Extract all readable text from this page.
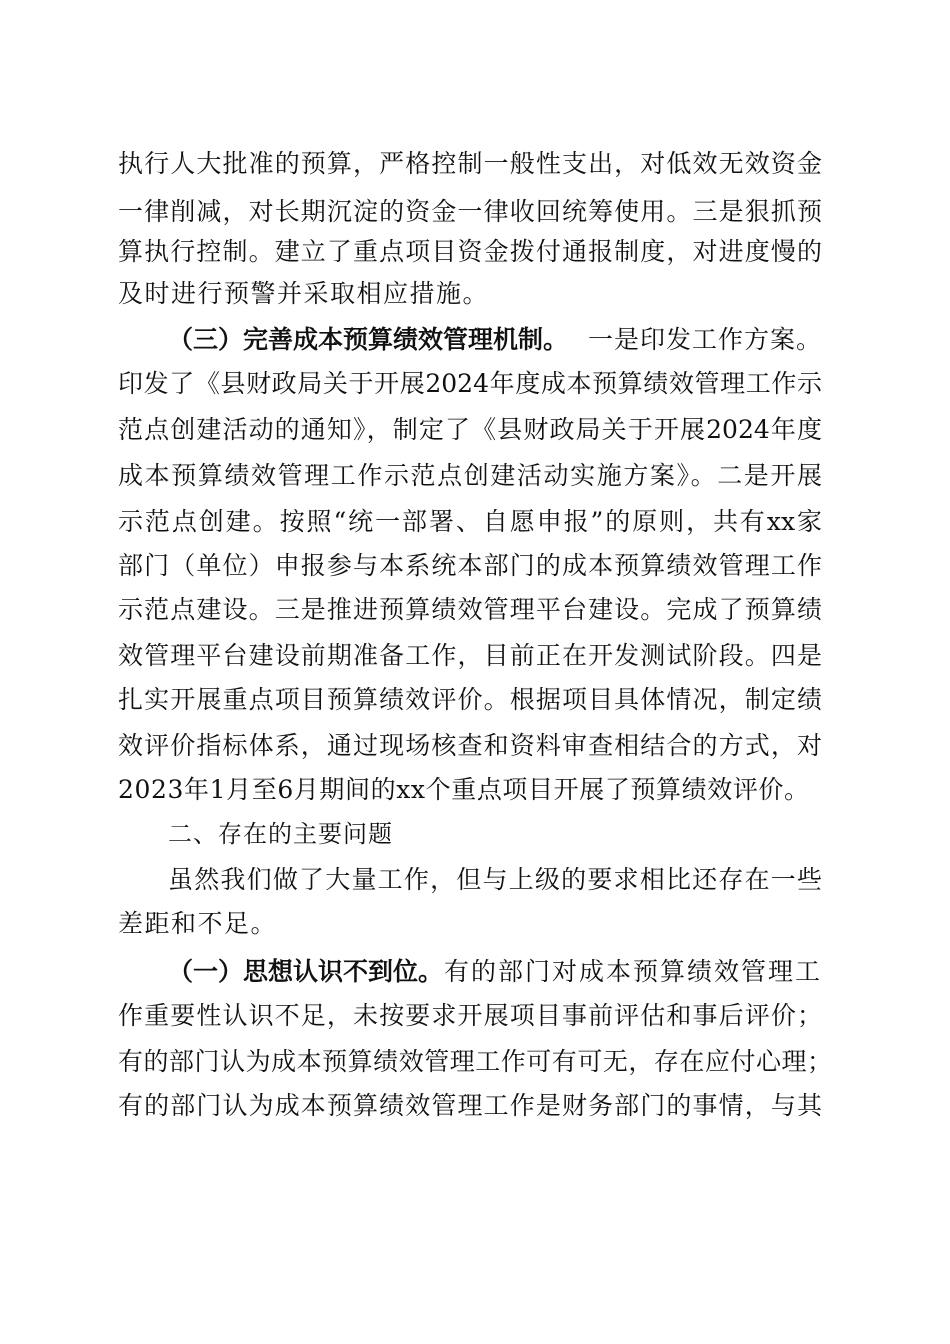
执行人大批准的预算，严格控制一般性支出，对低效无效资金
一律削减，对长期沉淀的资金一律收回统筹使用。三是狠抓预
算执行控制。建立了重点项目资金拨付通报制度，对进度慢的
及时进行预警并采取相应措施。
（三）完善成本预算绩效管理机制。 一是印发工作方案。
印发了《县财政局关于开展2024年度成本预算绩效管理工作示
范点创建活动的通知》，制定了《县财政局关于开展2024年度
成本预算绩效管理工作示范点创建活动实施方案》。二是开展
示范点创建。按照“统一部署、自愿申报”的原则，共有xx家
部门（单位）申报参与本系统本部门的成本预算绩效管理工作
示范点建设。三是推进预算绩效管理平台建设。完成了预算绩
效管理平台建设前期准备工作，目前正在开发测试阶段。四是
扎实开展重点项目预算绩效评价。根据项目具体情况，制定绩
效评价指标体系，通过现场核查和资料审查相结合的方式，对
2023年1月至6月期间的xx个重点项目开展了预算绩效评价。
二、存在的主要问题
虽然我们做了大量工作，但与上级的要求相比还存在一些
差距和不足。
（一）思想认识不到位。 有的部门对成本预算绩效管理工
作重要性认识不足，未按要求开展项目事前评估和事后评价；
有的部门认为成本预算绩效管理工作可有可无，存在应付心理；
有的部门认为成本预算绩效管理工作是财务部门的事情，与其
